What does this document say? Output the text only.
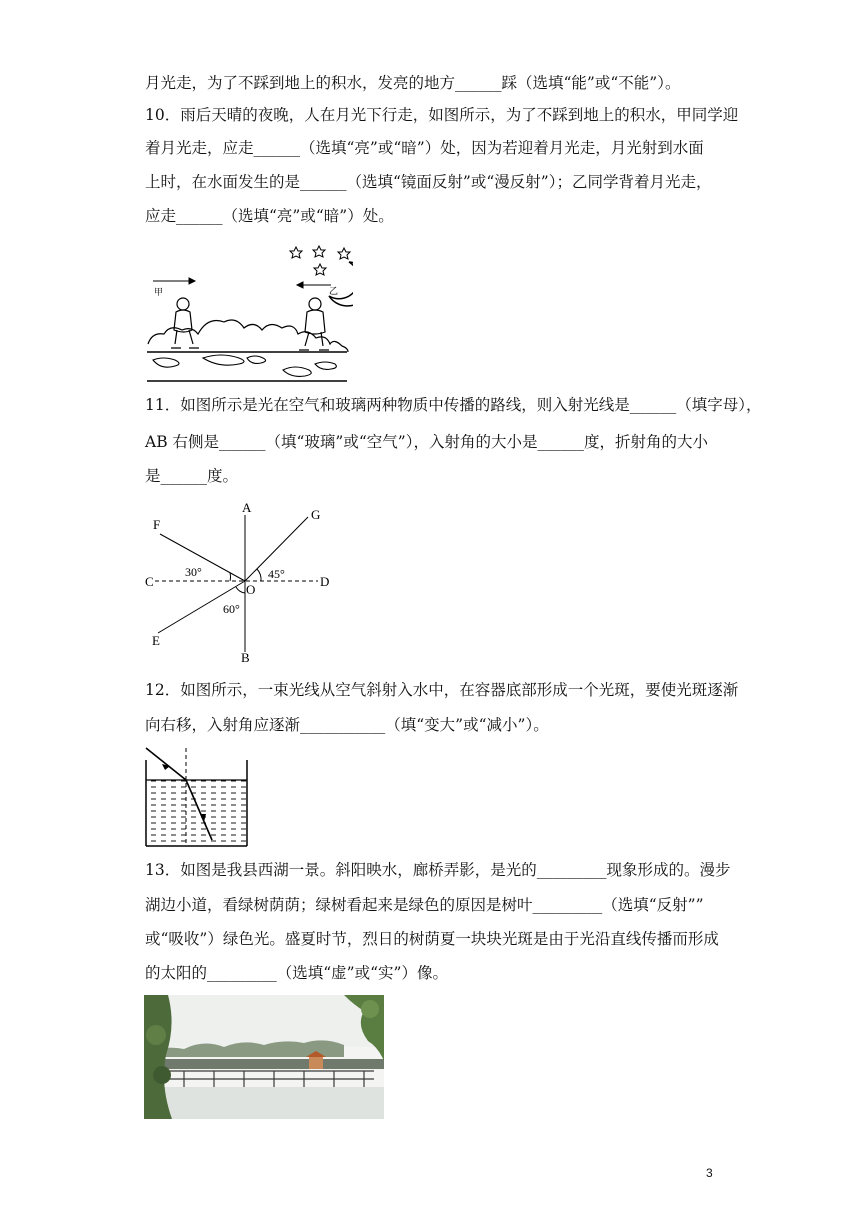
月光走，为了不踩到地上的积水，发亮的地方______踩（选填“能”或“不能”）。
10．雨后天晴的夜晚，人在月光下行走，如图所示，为了不踩到地上的积水，甲同学迎
着月光走，应走______（选填“亮”或“暗”）处，因为若迎着月光走，月光射到水面
上时，在水面发生的是______（选填“镜面反射”或“漫反射”）；乙同学背着月光走，
应走______（选填“亮”或“暗”）处。
甲	乙
11．如图所示是光在空气和玻璃两种物质中传播的路线，则入射光线是______（填字母），
AB 右侧是______（填“玻璃”或“空气”），入射角的大小是______度，折射角的大小
是______度。
A
B
C	D
E
F
G
O
30°	45°
60°
12．如图所示，一束光线从空气斜射入水中，在容器底部形成一个光斑，要使光斑逐渐
向右移，入射角应逐渐___________（填“变大”或“减小”）。
13．如图是我县西湖一景。斜阳映水，廊桥弄影，是光的_________现象形成的。漫步
湖边小道，看绿树荫荫；绿树看起来是绿色的原因是树叶_________（选填“反射””
或“吸收”）绿色光。盛夏时节，烈日的树荫夏一块块光斑是由于光沿直线传播而形成
的太阳的_________（选填“虚”或“实”）像。
3
